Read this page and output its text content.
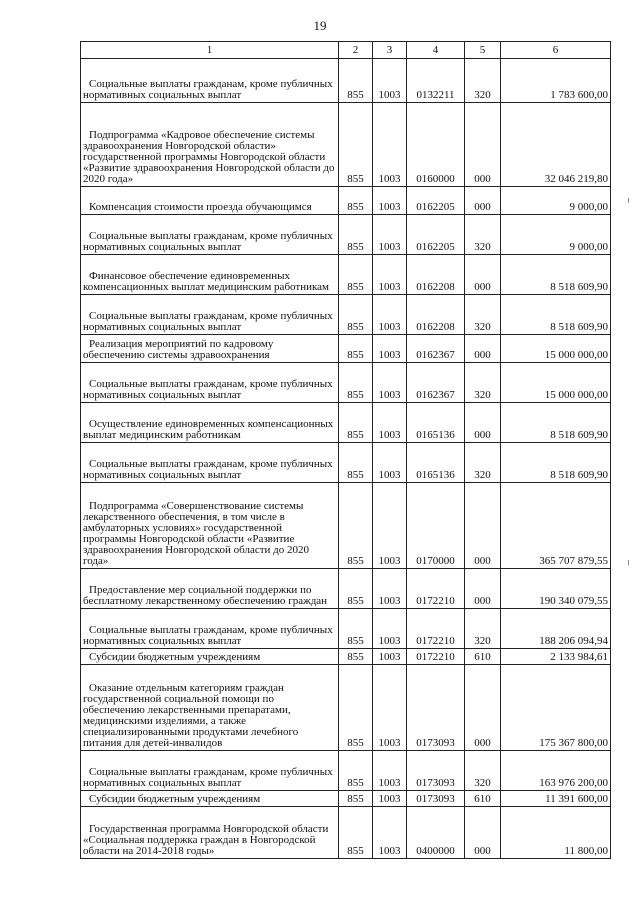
19
1	2	3	4	5	6

Социальные выплаты гражданам, кроме публичных нормативных социальных выплат	855	1003	0132211	320	1 783 600,00

Подпрограмма «Кадровое обеспечение системы здравоохранения Новгородской области» государственной программы Новгородской области «Развитие здравоохранения Новгородской области до 2020 года»	855	1003	0160000	000	32 046 219,80

Компенсация стоимости проезда обучающимся	855	1003	0162205	000	9 000,00

Социальные выплаты гражданам, кроме публичных нормативных социальных выплат	855	1003	0162205	320	9 000,00

Финансовое обеспечение единовременных компенсационных выплат медицинским работникам	855	1003	0162208	000	8 518 609,90

Социальные выплаты гражданам, кроме публичных нормативных социальных выплат	855	1003	0162208	320	8 518 609,90

Реализация мероприятий по кадровому обеспечению системы здравоохранения	855	1003	0162367	000	15 000 000,00

Социальные выплаты гражданам, кроме публичных нормативных социальных выплат	855	1003	0162367	320	15 000 000,00

Осуществление единовременных компенсационных выплат медицинским работникам	855	1003	0165136	000	8 518 609,90

Социальные выплаты гражданам, кроме публичных нормативных социальных выплат	855	1003	0165136	320	8 518 609,90

Подпрограмма «Совершенствование системы лекарственного обеспечения, в том числе в амбулаторных условиях» государственной программы Новгородской области «Развитие здравоохранения Новгородской области до 2020 года»	855	1003	0170000	000	365 707 879,55

Предоставление мер социальной поддержки по бесплатному лекарственному обеспечению граждан	855	1003	0172210	000	190 340 079,55

Социальные выплаты гражданам, кроме публичных нормативных социальных выплат	855	1003	0172210	320	188 206 094,94

Субсидии бюджетным учреждениям	855	1003	0172210	610	2 133 984,61

Оказание отдельным категориям граждан государственной социальной помощи по обеспечению лекарственными препаратами, медицинскими изделиями, а также специализированными продуктами лечебного питания для детей-инвалидов	855	1003	0173093	000	175 367 800,00

Социальные выплаты гражданам, кроме публичных нормативных социальных выплат	855	1003	0173093	320	163 976 200,00

Субсидии бюджетным учреждениям	855	1003	0173093	610	11 391 600,00

Государственная программа Новгородской области «Социальная поддержка граждан в Новгородской области на 2014-2018 годы»	855	1003	0400000	000	11 800,00
